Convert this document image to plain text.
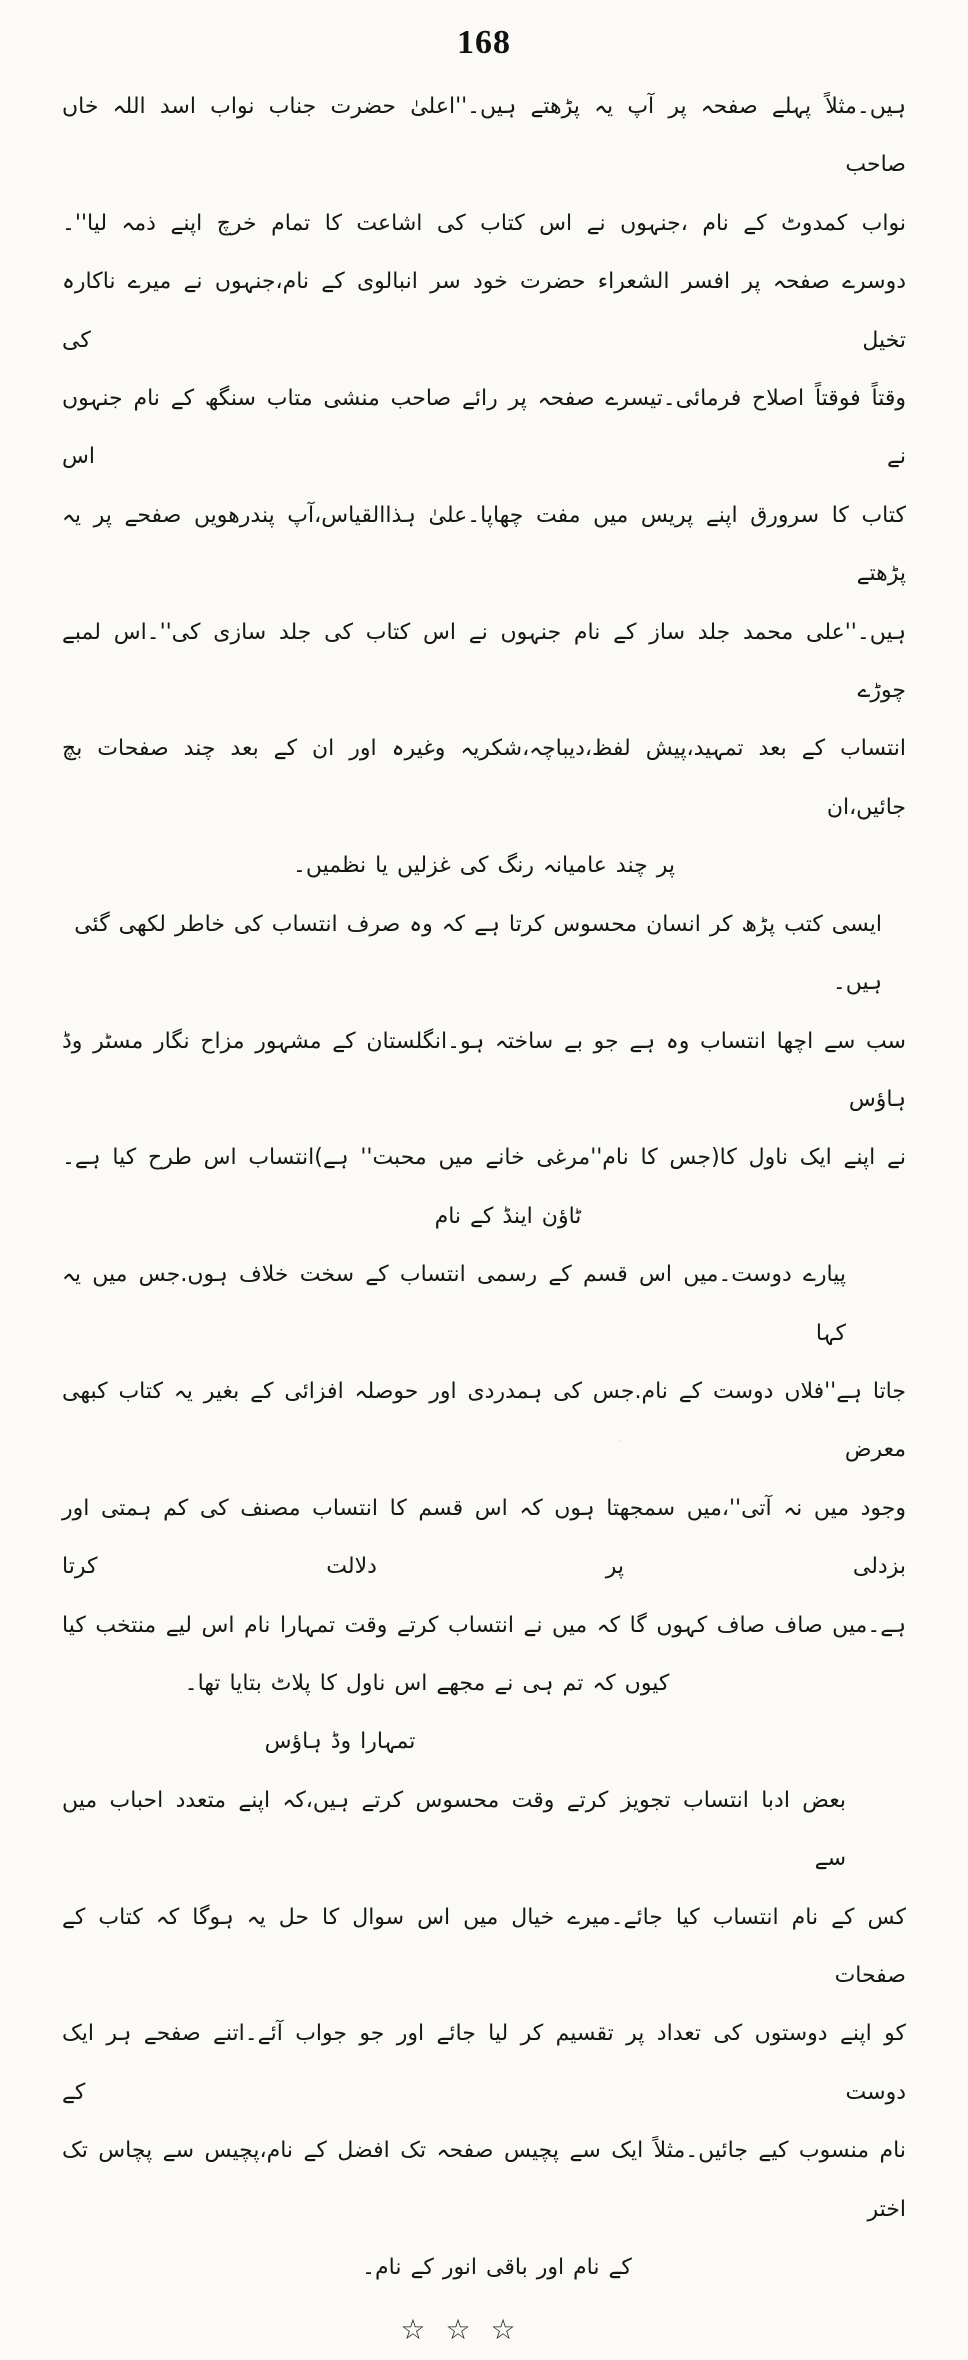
168
ہیں۔مثلاً پہلے صفحہ پر آپ یہ پڑھتے ہیں۔''اعلیٰ حضرت جناب نواب اسد اللہ خاں صاحب
نواب کمدوٹ کے نام ،جنہوں نے اس کتاب کی اشاعت کا تمام خرچ اپنے ذمہ لیا''۔
دوسرے صفحہ پر افسر الشعراء حضرت خود سر انبالوی کے نام،جنہوں نے میرے ناکارہ تخیل کی
وقتاً فوقتاً اصلاح فرمائی۔تیسرے صفحہ پر رائے صاحب منشی متاب سنگھ کے نام جنہوں نے اس
کتاب کا سرورق اپنے پریس میں مفت چھاپا۔علیٰ ہذاالقیاس،آپ پندرھویں صفحے پر یہ پڑھتے
ہیں۔''علی محمد جلد ساز کے نام جنہوں نے اس کتاب کی جلد سازی کی''۔اس لمبے چوڑے
انتساب کے بعد تمہید،پیش لفظ،دیباچہ،شکریہ وغیرہ اور ان کے بعد چند صفحات بچ جائیں،ان
پر چند عامیانہ رنگ کی غزلیں یا نظمیں۔
ایسی کتب پڑھ کر انسان محسوس کرتا ہے کہ وہ صرف انتساب کی خاطر لکھی گئی ہیں۔
سب سے اچھا انتساب وہ ہے جو بے ساختہ ہو۔انگلستان کے مشہور مزاح نگار مسٹر وڈ ہاؤس
نے اپنے ایک ناول کا(جس کا نام''مرغی خانے میں محبت'' ہے)انتساب اس طرح کیا ہے۔
ٹاؤن اینڈ کے نام
پیارے دوست۔میں اس قسم کے رسمی انتساب کے سخت خلاف ہوں.جس میں یہ کہا
جاتا ہے''فلاں دوست کے نام.جس کی ہمدردی اور حوصلہ افزائی کے بغیر یہ کتاب کبھی معرض
وجود میں نہ آتی''،میں سمجھتا ہوں کہ اس قسم کا انتساب مصنف کی کم ہمتی اور بزدلی پر دلالت کرتا
ہے۔میں صاف صاف کہوں گا کہ میں نے انتساب کرتے وقت تمہارا نام اس لیے منتخب کیا
کیوں کہ تم ہی نے مجھے اس ناول کا پلاٹ بتایا تھا۔
تمہارا وڈ ہاؤس
بعض ادبا انتساب تجویز کرتے وقت محسوس کرتے ہیں،کہ اپنے متعدد احباب میں سے
کس کے نام انتساب کیا جائے۔میرے خیال میں اس سوال کا حل یہ ہوگا کہ کتاب کے صفحات
کو اپنے دوستوں کی تعداد پر تقسیم کر لیا جائے اور جو جواب آئے۔اتنے صفحے ہر ایک دوست کے
نام منسوب کیے جائیں۔مثلاً ایک سے پچیس صفحہ تک افضل کے نام،پچیس سے پچاس تک اختر
کے نام اور باقی انور کے نام۔
☆☆☆
